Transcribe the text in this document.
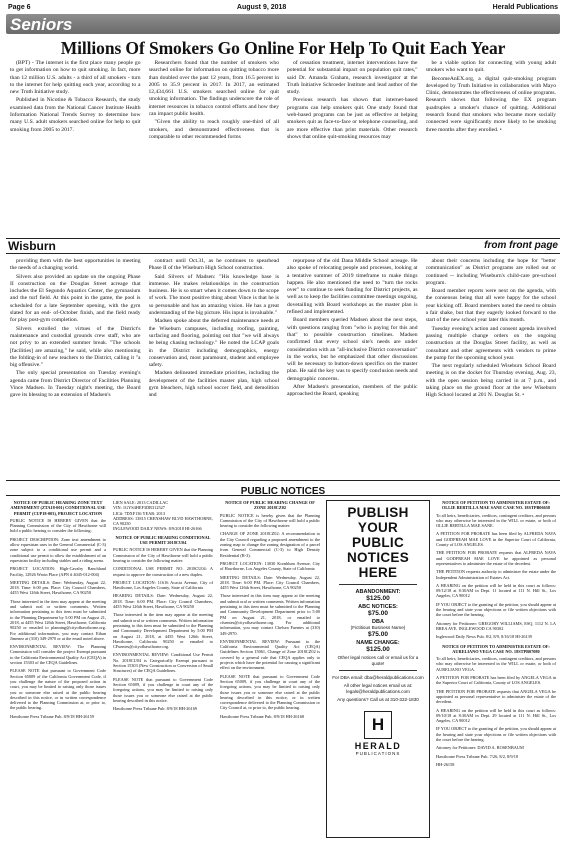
Page 6	August 9, 2018	Herald Publications
Seniors
Millions Of Smokers Go Online For Help To Quit Each Year

(BPT) - The internet is the first place many people go to get information on how to quit smoking. In fact, more than 12 million U.S. adults - a third of all smokers - turn to the internet for help quitting each year, according to a new Truth Initiative study.

Published in Nicotine & Tobacco Research, the study examined data from the National Cancer Institute Health Information National Trends Survey to determine how many U.S. adult smokers searched online for help to quit smoking from 2005 to 2017.

Researchers found that the number of smokers who searched online for information on quitting tobacco more than doubled over the past 12 years, from 16.5 percent in 2005 to 35.9 percent in 2017. In 2017, an estimated 12,434,661 U.S. smokers searched online for quit smoking information. The findings underscore the role of internet resources in tobacco control efforts and how they can impact public health.

"Given the ability to reach roughly one-third of all smokers, and demonstrated effectiveness that is comparable to other recommended forms

of cessation treatment, internet interventions have the potential for substantial impact on population quit rates," said Dr. Amanda Graham, research investigator at the Truth Initiative Schroeder Institute and lead author of the study.

Previous research has shown that internet-based programs can help smokers quit. One study found that web-based programs can be just as effective at helping smokers quit as face-to-face or telephone counseling, and are more effective than print materials. Other research shows that online quit-smoking resources may

be a viable option for connecting with young adult smokers who want to quit.

BecomeAnEX.org, a digital quit-smoking program developed by Truth Initiative in collaboration with Mayo Clinic, demonstrates the effectiveness of online programs. Research shows that following the EX program quadruples a smoker's chance of quitting. Additional research found that smokers who became more socially connected were significantly more likely to be smoking three months after they enrolled. •

Wisburn	from front page

providing them with the best opportunities in meeting the needs of a changing world.

Silvers also provided an update on the ongoing Phase II construction on the Douglas Street acreage that includes the El Segundo Aquatics Center, the gymnasium and the turf field. At this point in the game, the pool is scheduled for a late September opening, with the gym slated for an end- of-October finish, and the field ready for play post-gym completion.

Silvers extolled the virtues of the District's maintenance and custodial grounds crew staff, who are not privy to an extended summer break. "The schools [facilities] are amazing," he said, while also mentioning the folding-in of new teachers to the District, calling it "a big offensive."

The only special presentation on Tuesday evening's agenda came from District Director of Facilities Planning Vince Madsen. In Tuesday night's meeting, the Board gave its blessing to an extension of Madsen's

contract until Oct.31, as he continues to spearhead Phase II of the Wiseburn High School construction.

Said Silvers of Madsen: "His knowledge base is immense. He makes relationships in the construction business. He is so smart when it comes down to the scope of work. The most positive thing about Vince is that he is so personable and has an amazing vision. He has a great understanding of the big picture. His input is invaluable."

Madsen spoke about the deferred maintenance needs at the Wiseburn campuses, including roofing, painting, surfacing and flooring, pointing out that "we will always be being chasing technology." He noted the LCAP goals in the District including demographics, energy conservation and, most paramount, student and employee safety.

Madsen delineated immediate priorities, including the development of the facilities master plan, high school gym bleachers, high school soccer field, and demolition and

repurpose of the old Dana Middle School acreage. He also spoke of relocating people and processes, looking at a tentative summer of 2019 timeframe to make things happen. He also mentioned the need to "turn the rocks over" to continue to seek funding for District projects, as well as to keep the facilities committee meetings ongoing, dovetailing with Board workshops as the master plan is refined and implemented.

Board members queried Madsen about the next steps, with questions ranging from "who is paying for this and that" to possible construction timelines. Madsen confirmed that every school site's needs are under consideration with an "all-inclusive District conversation" in the works, but he emphasized that other discussions will be necessary to button-down specifics on the master plan. He said the key was to specify conclusion needs and demographic concerns.

After Madsen's presentation, members of the public approached the Board, speaking

about their concerns including the hope for "better communication" as District programs are rolled out or continued -- including Wiseburn's child-care pre-school program.

Board member reports were next on the agenda, with the consensus being that all were happy for the school year kicking off. Board members noted the need to obtain a fair shake, but that they eagerly looked forward to the start of the new school year later this month.

Tuesday evening's action and consent agenda involved passing multiple change orders on the ongoing construction at the Douglas Street facility, as well as consultant and other agreements with vendors to prime the pump for the upcoming school year.

The next regularly scheduled Wiseburn School Board meeting is on the docket for Thursday evening, Aug. 23, with the open session being carried in at 7 p.m., and taking place on the ground floor at the new Wiseburn High School located at 201 N. Douglas St. •

PUBLIC NOTICES
NOTICE OF PUBLIC HEARING ZONE TEXT AMENDMENT (ZTA18-001) CONDITIONAL USE PERMIT (CUP18-003), PROJECT LOCATION

PUBLIC NOTICE IS HEREBY GIVEN that the Planning Commission of the City of Hawthorne will hold a public hearing to consider the following:

PROJECT DESCRIPTION: Zone text amendment to allow equestrian uses in the General Commercial (C-3) zone subject to a conditional use permit and a conditional use permit to allow the establishment of an equestrian facility including stables and a riding arena.

PROJECT LOCATION: High-Cavalry Ranchland Facility, 12926 Wroin Place (APN # 4045-012-004)

MEETING DETAILS: Date: Wednesday, August 22, 2018. Time: 6:00 pm. Place: City Council Chambers, 4455 West 126th Street, Hawthorne, CA 90250

Those interested in the item may appear at the meeting and submit oral or written comments. Written information pertaining to this item must be submitted to the Planning Department by 5:00 PM on August 21, 2018, at 4455 West 126th Street, Hawthorne, California 90250 or emailed to planning@cityofhawthorne.org. For additional information, you may contact Ethan Jimenez at (310) 349-2970 or at the email noted above.

ENVIRONMENTAL REVIEW: The Planning Commission will consider the project Exempt pursuant to the California Environmental Quality Act (CEQA) in section 15303 of the CEQA Guidelines.

PLEASE NOTE that pursuant to Government Code Section 65009 of the California Government Code, if you challenge the nature of the proposed action in court, you may be limited to raising only those issues you or someone else raised at the public hearing described in this notice, or in written correspondence delivered to the Planning Commission at, or prior to, the public hearing.

Hawthorne Press Tribune Pub. 8/9/18 HH-26159

LIEN SALE: 2013 CADILLAC

VIN: 1GYS4HEF3DR312527

LIC#: 7DXF136 YEAR: 2013

ADDRESS: 13815 CRENSHAW BLVD HAWTHORNE, CA 90250

INGLEWOOD DAILY NEWS: 8/9/2018 HI-26166

NOTICE OF PUBLIC HEARING CONDITIONAL USE PERMIT 2018CU04

PUBLIC NOTICE IS HEREBY GIVEN that the Planning Commission of the City of Hawthorne will hold a public hearing to consider the following matter:

CONDITIONAL USE PERMIT NO. 2018CU04: A request to approve the construction of a new duplex.

PROJECT LOCATION: 11616 Acacia Avenue, City of Hawthorne, Los Angeles County, State of California

HEARING DETAILS: Date: Wednesday, August 22, 2018. Time: 6:00 PM. Place: City Council Chambers, 4455 West 126th Street, Hawthorne, CA 90250

Those interested in the item may appear at the meeting and submit oral or written comments. Written information pertaining to this item must be submitted to the Planning and Community Development Department by 5:00 PM on August 21, 2018, at 4455 West 126th Street, Hawthorne, California 90250 or emailed to CFuentes@cityofhawthorne.org.

ENVIRONMENTAL REVIEW: Conditional Use Permit No. 2018CU04 is Categorically Exempt pursuant to Section 15303 (New Construction or Conversion of Small Structures) of the CEQA Guidelines.

PLEASE NOTE that pursuant to Government Code Section 65009, if you challenge in court any of the foregoing actions, you may be limited to raising only those issues you or someone else raised at the public hearing described in this notice.

Hawthorne Press Tribune Pub. 8/9/18 HH-26169
NOTICE OF PUBLIC HEARING CHANGE OF ZONE 2018CZ02

PUBLIC NOTICE is hereby given that the Planning Commission of the City of Hawthorne will hold a public hearing to consider the following matter:

CHANGE OF ZONE 2018CZ02: A recommendation to the City Council regarding a proposed amendment to the zoning map to change the zoning designation of a parcel from General Commercial (C-3) to High Density Residential (R-3).

PROJECT LOCATION: 13030 Kornblum Avenue, City of Hawthorne, Los Angeles County, State of California

MEETING DETAILS: Date: Wednesday, August 22, 2018. Time: 6:00 PM. Place: City Council Chambers, 4455 West 126th Street, Hawthorne, CA 90250

Those interested in this item may appear at the meeting and submit oral or written comments. Written information pertaining to this item must be submitted to the Planning and Community Development Department prior to 5:00 PM on August 21, 2018, or emailed to cfuentes@cityofhawthorne.org. For additional information, you may contact Chelsea Fuentes at (310) 349-2970.

ENVIRONMENTAL REVIEW: Pursuant to the California Environmental Quality Act (CEQA) Guidelines Section 15061, Change of Zone 2018CZ02 is covered by a general rule that CEQA applies only to projects which have the potential for causing a significant effect on the environment.

PLEASE NOTE that pursuant to Government Code Section 65009, if you challenge in court any of the foregoing actions, you may be limited to raising only those issues you or someone else raised at the public hearing described in this notice, or in written correspondence delivered to the Planning Commission or City Council at, or prior to, the public hearing.

Hawthorne Press Tribune Pub. 8/9/18 HH-26168
PUBLISH
YOUR
PUBLIC
NOTICES
HERE
ABANDONMENT:
$125.00
ABC NOTICES:
$75.00
DBA
(Fictitious Business Name)
$75.00
NAME CHANGE:
$125.00
Other legal notices call or email us for a quote!
For DBA email: dba@heraldpublications.com
All other legal notices email us at: legals@heraldpublications.com
Any questions? Call us at 310-322-1830
H
HERALD
PUBLICATIONS
NOTICE OF PETITION TO ADMINISTER ESTATE OF: OLLIE BERTILLA MAE SANE CASE NO. 18STPB06658

To all heirs, beneficiaries, creditors, contingent creditors, and persons who may otherwise be interested in the WILL or estate, or both of OLLIE BERTILLA MAE SANE.

A PETITION FOR PROBATE has been filed by ALFREDA NAVA and GODFREAH MAE LOVE in the Superior Court of California, County of LOS ANGELES.

THE PETITION FOR PROBATE requests that ALFREDA NAVA and GODFREAH MAE LOVE be appointed as personal representatives to administer the estate of the decedent.

THE PETITION requests authority to administer the estate under the Independent Administration of Estates Act.

A HEARING on the petition will be held in this court as follows: 09/12/18 at 8:30AM in Dept. 11 located at 111 N. Hill St., Los Angeles, CA 90012

IF YOU OBJECT to the granting of the petition, you should appear at the hearing and state your objections or file written objections with the court before the hearing.

Attorney for Petitioner: GREGORY WILLIAMS, ESQ. 1112 N. LA BREA AVE. INGLEWOOD CA 90302

Inglewood Daily News Pub. 8/2, 8/9, 8/16/18 HI-26139
NOTICE OF PETITION TO ADMINISTER ESTATE OF: AURELIANO VEGA CASE NO. 18STPB07080

To all heirs, beneficiaries, creditors, contingent creditors, and persons who may otherwise be interested in the WILL or estate, or both of AURELIANO VEGA.

A PETITION FOR PROBATE has been filed by ANGELA VEGA in the Superior Court of California, County of LOS ANGELES.

THE PETITION FOR PROBATE requests that ANGELA VEGA be appointed as personal representative to administer the estate of the decedent.

A HEARING on the petition will be held in this court as follows: 09/10/18 at 8:30AM in Dept. 29 located at 111 N. Hill St., Los Angeles, CA 90012

IF YOU OBJECT to the granting of the petition, you should appear at the hearing and state your objections or file written objections with the court before the hearing.

Attorney for Petitioner: DAVID A. ROSENBAUM

Hawthorne Press Tribune Pub. 7/26, 8/2, 8/9/18

HH-26158
